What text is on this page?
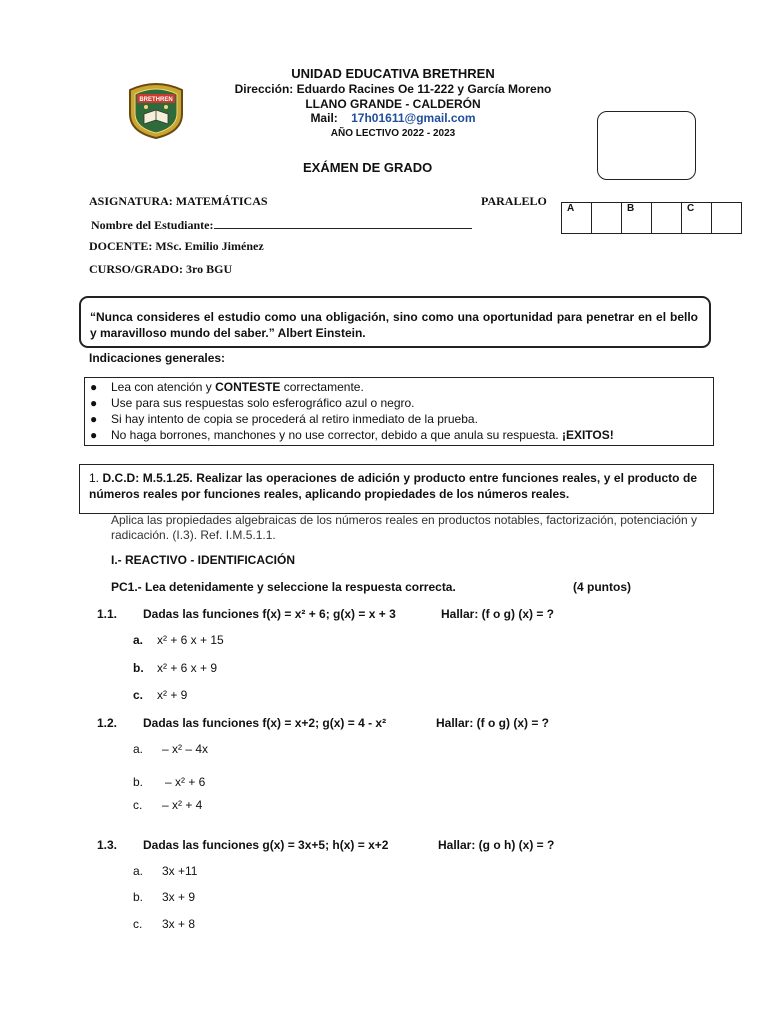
BRETHREN
UNIDAD EDUCATIVA BRETHREN
Dirección: Eduardo Racines Oe 11-222 y García Moreno
LLANO GRANDE - CALDERÓN
Mail: 17h01611@gmail.com
AÑO LECTIVO 2022 - 2023
EXÁMEN DE GRADO
ASIGNATURA: MATEMÁTICAS
Nombre del Estudiante:
DOCENTE: MSc. Emilio Jiménez
CURSO/GRADO: 3ro BGU
PARALELO
A		B		C	
“Nunca consideres el estudio como una obligación, sino como una oportunidad para penetrar en el bello y maravilloso mundo del saber.” Albert Einstein.
Indicaciones generales:
● Lea con atención y CONTESTE correctamente.
● Use para sus respuestas solo esferográfico azul o negro.
● Si hay intento de copia se procederá al retiro inmediato de la prueba.
● No haga borrones, manchones y no use corrector, debido a que anula su respuesta. ¡EXITOS!
1. D.C.D: M.5.1.25. Realizar las operaciones de adición y producto entre funciones reales, y el producto de números reales por funciones reales, aplicando propiedades de los números reales.
Aplica las propiedades algebraicas de los números reales en productos notables, factorización, potenciación y radicación. (I.3). Ref. I.M.5.1.1.
I.- REACTIVO - IDENTIFICACIÓN
PC1.- Lea detenidamente y seleccione la respuesta correcta.	(4 puntos)
1.1. Dadas las funciones f(x) = x² + 6; g(x) = x + 3	Hallar: (f o g) (x) = ?
a. x² + 6 x + 15
b. x² + 6 x + 9
c. x² + 9
1.2. Dadas las funciones f(x) = x+2; g(x) = 4 - x²	Hallar: (f o g) (x) = ?
a. – x² – 4x
b. – x² + 6
c. – x² + 4
1.3. Dadas las funciones g(x) = 3x+5; h(x) = x+2	Hallar: (g o h) (x) = ?
a. 3x +11
b. 3x + 9
c. 3x + 8
